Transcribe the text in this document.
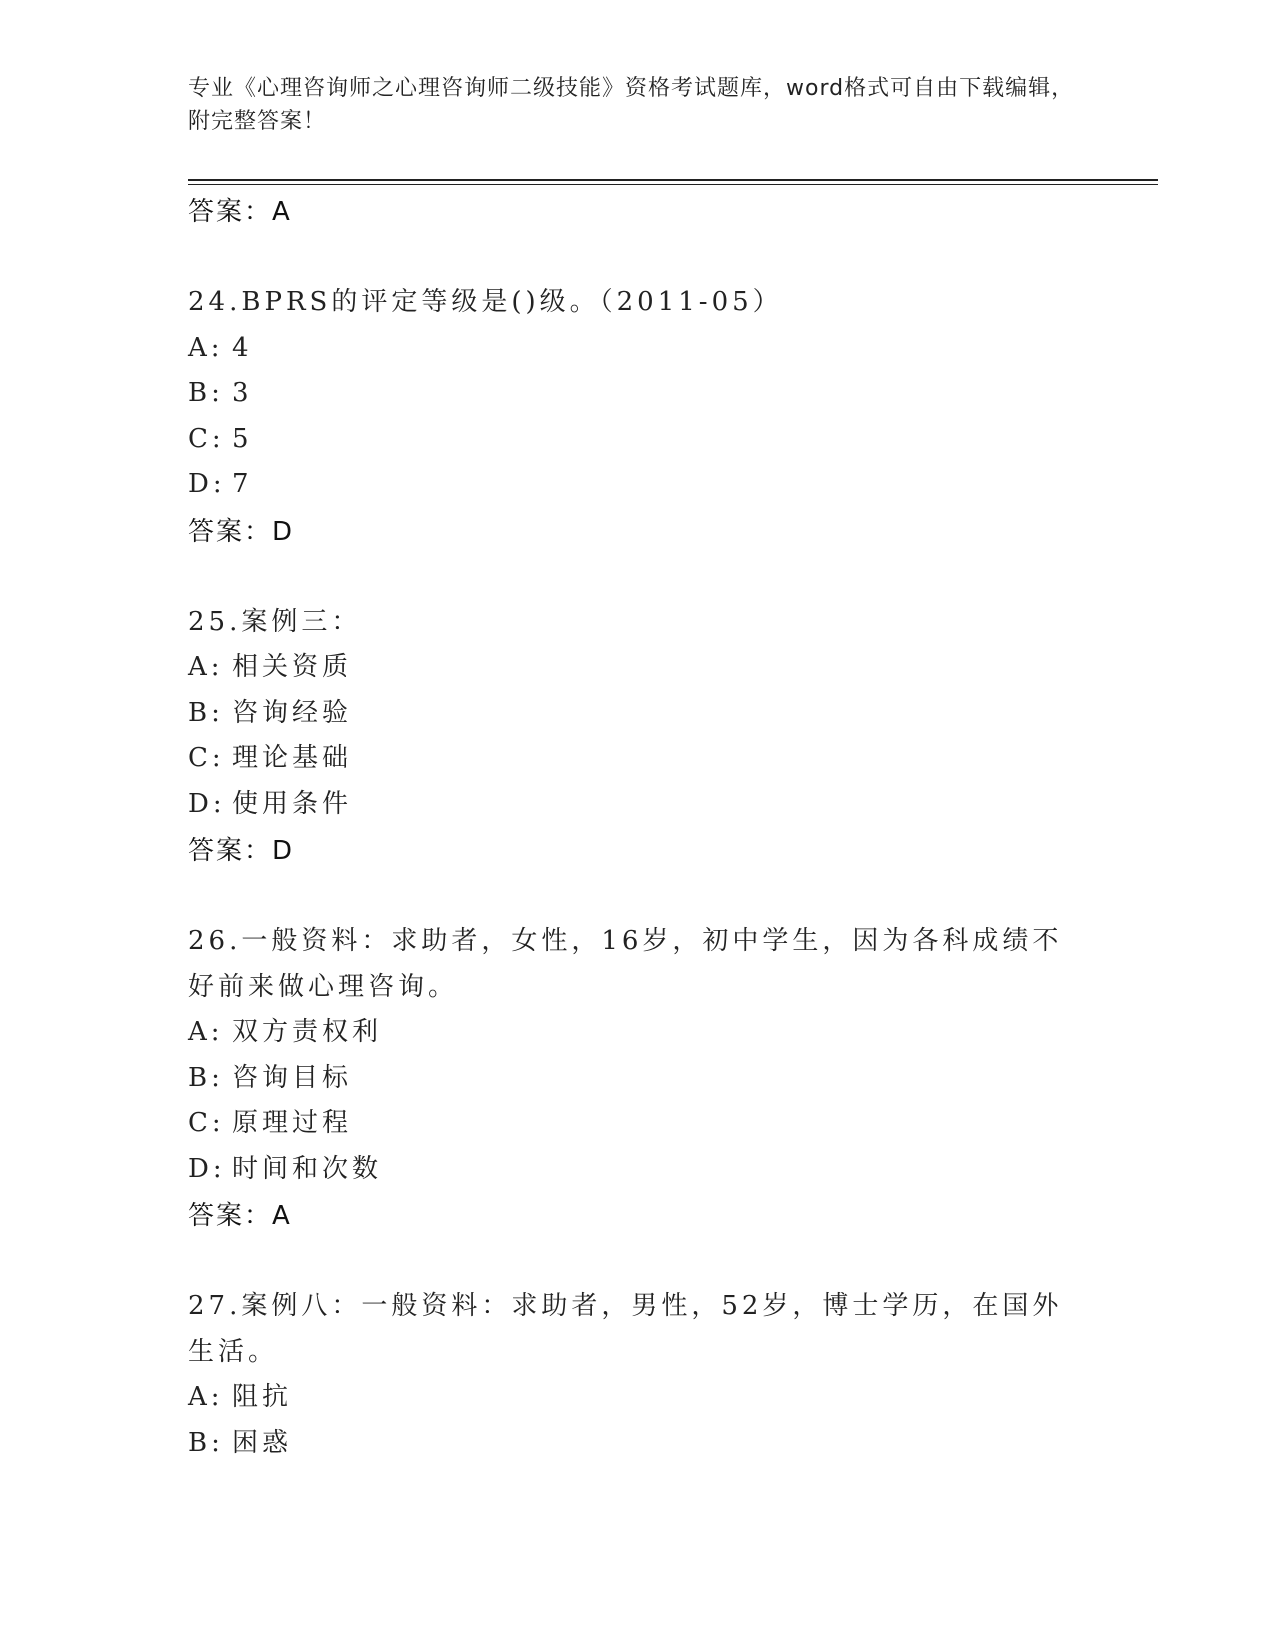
专业《心理咨询师之心理咨询师二级技能》资格考试题库，word格式可自由下载编辑，附完整答案！
答案：A
24.BPRS的评定等级是()级。（2011-05）
A: 4
B: 3
C: 5
D: 7
答案：D
25.案例三：
A: 相关资质
B: 咨询经验
C: 理论基础
D: 使用条件
答案：D
26.一般资料：求助者，女性，16岁，初中学生，因为各科成绩不好前来做心理咨询。
A: 双方责权利
B: 咨询目标
C: 原理过程
D: 时间和次数
答案：A
27.案例八：一般资料：求助者，男性，52岁，博士学历，在国外生活。
A: 阻抗
B: 困惑
